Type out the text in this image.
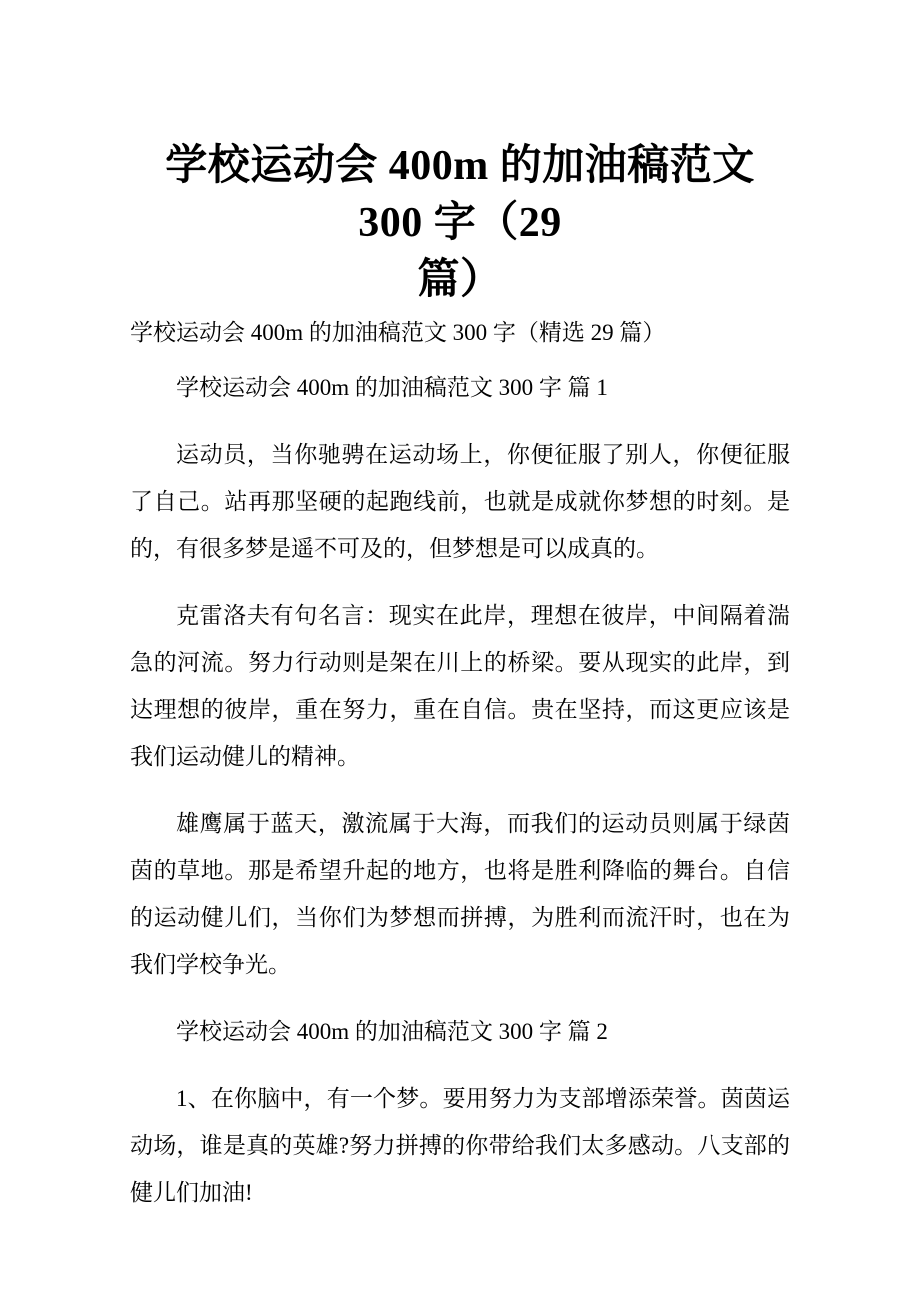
学校运动会 400m 的加油稿范文 300 字（29
篇）

学校运动会 400m 的加油稿范文 300 字（精选 29 篇）

学校运动会 400m 的加油稿范文 300 字 篇 1

运动员，当你驰骋在运动场上，你便征服了别人，你便征服了自己。站再那坚硬的起跑线前，也就是成就你梦想的时刻。是的，有很多梦是遥不可及的，但梦想是可以成真的。

克雷洛夫有句名言：现实在此岸，理想在彼岸，中间隔着湍急的河流。努力行动则是架在川上的桥梁。要从现实的此岸，到达理想的彼岸，重在努力，重在自信。贵在坚持，而这更应该是我们运动健儿的精神。

雄鹰属于蓝天，激流属于大海，而我们的运动员则属于绿茵茵的草地。那是希望升起的地方，也将是胜利降临的舞台。自信的运动健儿们，当你们为梦想而拼搏，为胜利而流汗时，也在为我们学校争光。

学校运动会 400m 的加油稿范文 300 字 篇 2

1、在你脑中，有一个梦。要用努力为支部增添荣誉。茵茵运动场，谁是真的英雄?努力拼搏的你带给我们太多感动。八支部的健儿们加油!
